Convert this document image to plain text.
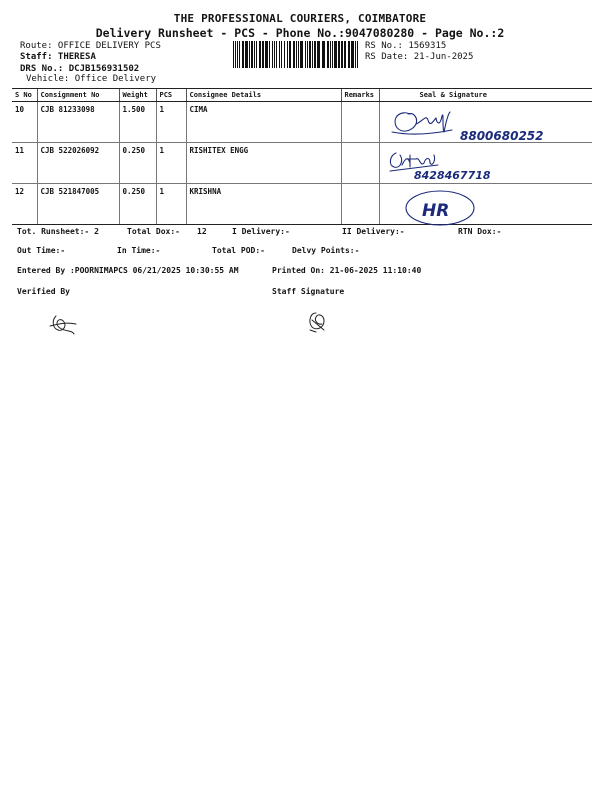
THE PROFESSIONAL COURIERS, COIMBATORE
Delivery Runsheet - PCS - Phone No.:9047080280 - Page No.:2
Route: OFFICE DELIVERY PCS
Staff: THERESA
DRS No.: DCJB156931502
Vehicle: Office Delivery
RS No.: 1569315
RS Date: 21-Jun-2025
S No	Consignment No	Weight	PCS	Consignee Details	Remarks	Seal & Signature
10	CJB 81233098	1.500	1	CIMA		8800680252

11	CJB 522026092	0.250	1	RISHITEX ENGG		8428467718

12	CJB 521847005	0.250	1	KRISHNA		HR
Tot. Runsheet:- 2	Total Dox:- 12	I Delivery:-	II Delivery:-	RTN Dox:-
Out Time:-	In Time:-	Total POD:-	Delvy Points:-
Entered By :POORNIMAPCS 06/21/2025 10:30:55 AM	Printed On: 21-06-2025 11:10:40
Verified By	Staff Signature
